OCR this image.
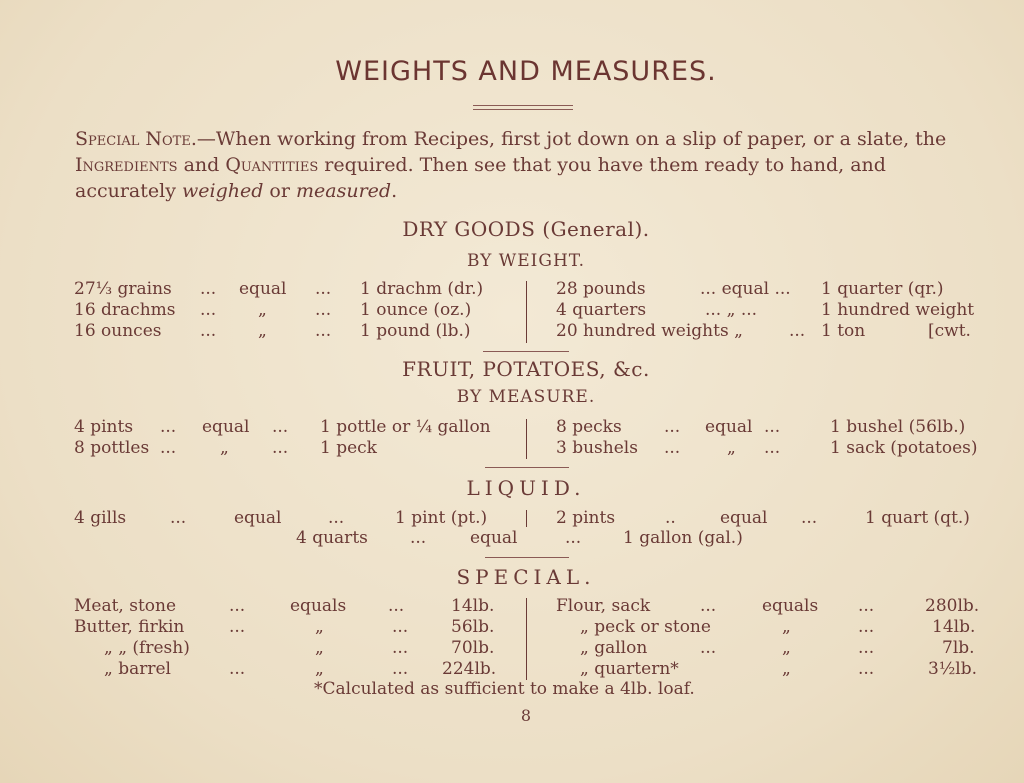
WEIGHTS AND MEASURES.
Special Note.—When working from Recipes, first jot down on a slip of paper, or a slate, the Ingredients and Quantities required. Then see that you have them ready to hand, and accurately weighed or measured.
DRY GOODS (General).
BY WEIGHT.
27⅓ grains ... equal ... 1 drachm (dr.)
16 drachms ... „	... 1 ounce (oz.)
16 ounces ... „	... 1 pound (lb.)
28 pounds	... equal ... 1 quarter (qr.)
4 quarters	... „ ...	1 hundred weight
20 hundred weights „	... 1 ton	[cwt.
FRUIT, POTATOES, &c.
BY MEASURE.
4 pints ... equal ... 1 pottle or ¼ gallon
8 pottles ...	„	... 1 peck
8 pecks ... equal ...	1 bushel (56lb.)
3 bushels ...	„ ...	1 sack (potatoes)
LIQUID.
4 gills	...	equal	...	1 pint (pt.)	2 pints	..	equal ...	1 quart (qt.)
4 quarts ...	equal	... 1 gallon (gal.)
SPECIAL.
Meat, stone	...	equals ...	14lb.
Butter, firkin	...	„	...	56lb.
„ „ (fresh)	„	...	70lb.
„ barrel	...	„	... 224lb.
Flour, sack	...	equals ...	280lb.
„ peck or stone	„	...	14lb.
„ gallon	...	„	...	7lb.
„ quartern*	„	...	3½lb.
*Calculated as sufficient to make a 4lb. loaf.
8
